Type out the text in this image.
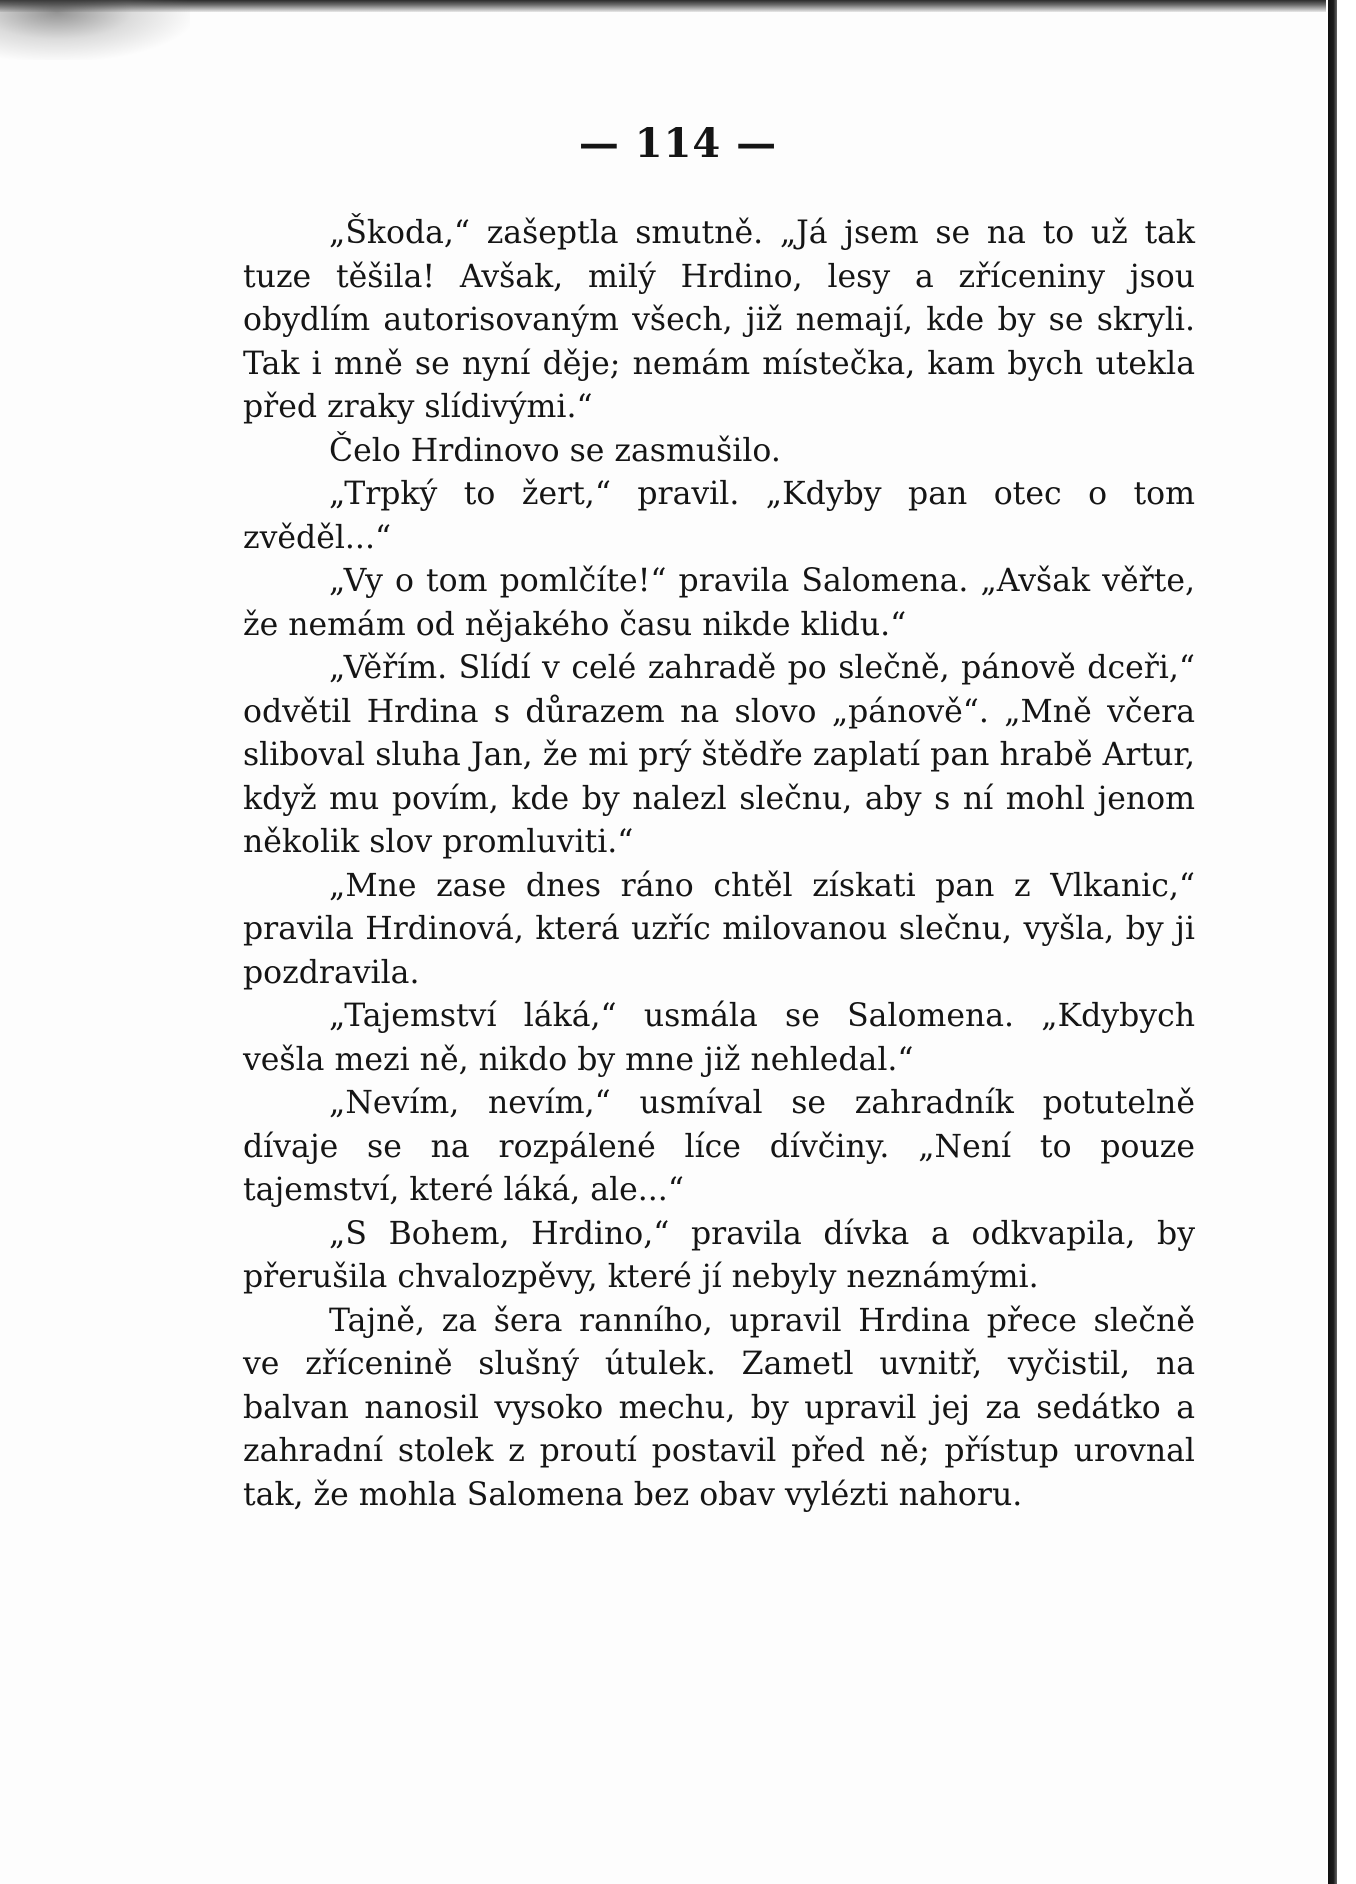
— 114 —

„Škoda,“ zašeptla smutně. „Já jsem se na to už tak tuze těšila! Avšak, milý Hrdino, lesy a zříceniny jsou obydlím autorisovaným všech, již nemají, kde by se skryli. Tak i mně se nyní děje; nemám místečka, kam bych utekla před zraky slídivými.“

Čelo Hrdinovo se zasmušilo.

„Trpký to žert,“ pravil. „Kdyby pan otec o tom zvěděl...“

„Vy o tom pomlčíte!“ pravila Salomena. „Avšak věřte, že nemám od nějakého času nikde klidu.“

„Věřím. Slídí v celé zahradě po slečně, pánově dceři,“ odvětil Hrdina s důrazem na slovo „pánově“. „Mně včera sliboval sluha Jan, že mi prý štědře zaplatí pan hrabě Artur, když mu povím, kde by nalezl slečnu, aby s ní mohl jenom několik slov promluviti.“

„Mne zase dnes ráno chtěl získati pan z Vlkanic,“ pravila Hrdinová, která uzříc milovanou slečnu, vyšla, by ji pozdravila.

„Tajemství láká,“ usmála se Salomena. „Kdybych vešla mezi ně, nikdo by mne již nehledal.“

„Nevím, nevím,“ usmíval se zahradník potutelně dívaje se na rozpálené líce dívčiny. „Není to pouze tajemství, které láká, ale...“

„S Bohem, Hrdino,“ pravila dívka a odkvapila, by přerušila chvalozpěvy, které jí nebyly neznámými.

Tajně, za šera ranního, upravil Hrdina přece slečně ve zřícenině slušný útulek. Zametl uvnitř, vyčistil, na balvan nanosil vysoko mechu, by upravil jej za sedátko a zahradní stolek z proutí postavil před ně; přístup urovnal tak, že mohla Salomena bez obav vylézti nahoru.
